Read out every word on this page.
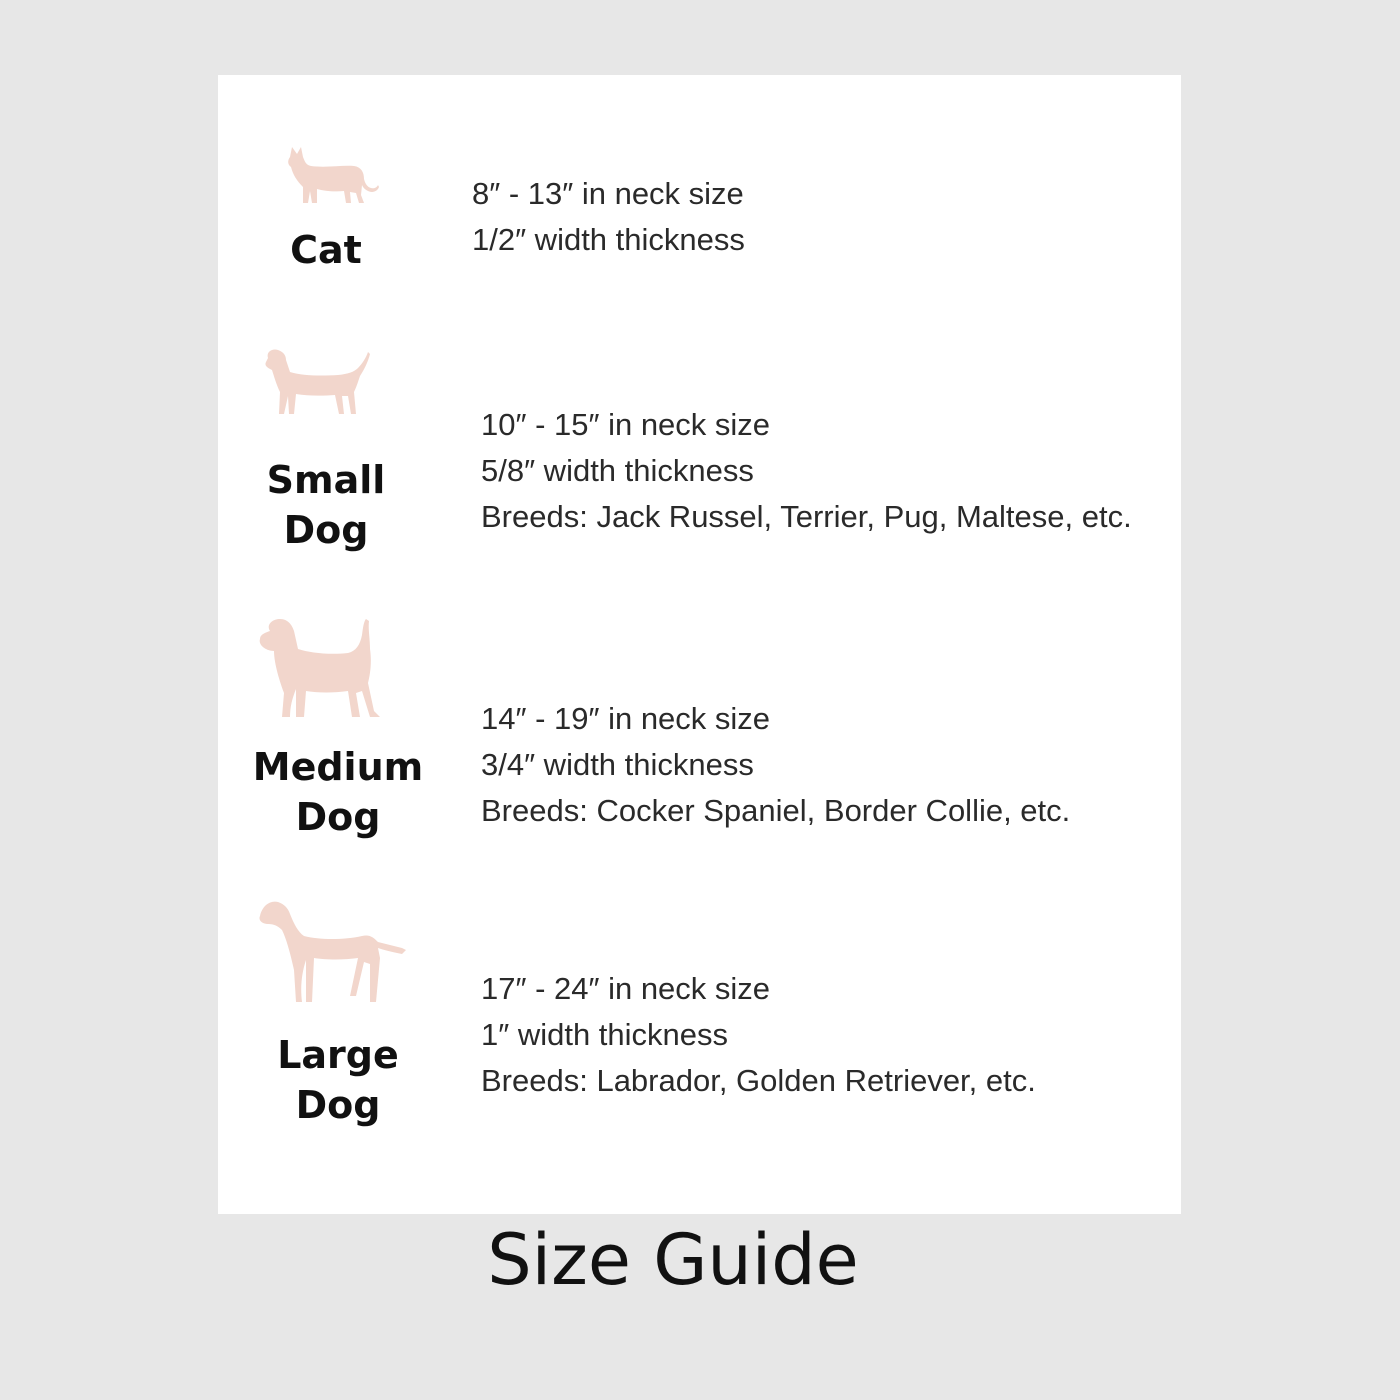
Cat
8″ - 13″ in neck size
1/2″ width thickness
Small
Dog
10″ - 15″ in neck size
5/8″ width thickness
Breeds: Jack Russel, Terrier, Pug, Maltese, etc.
Medium
Dog
14″ - 19″ in neck size
3/4″ width thickness
Breeds: Cocker Spaniel, Border Collie, etc.
Large
Dog
17″ - 24″ in neck size
1″ width thickness
Breeds: Labrador, Golden Retriever, etc.
Size Guide
